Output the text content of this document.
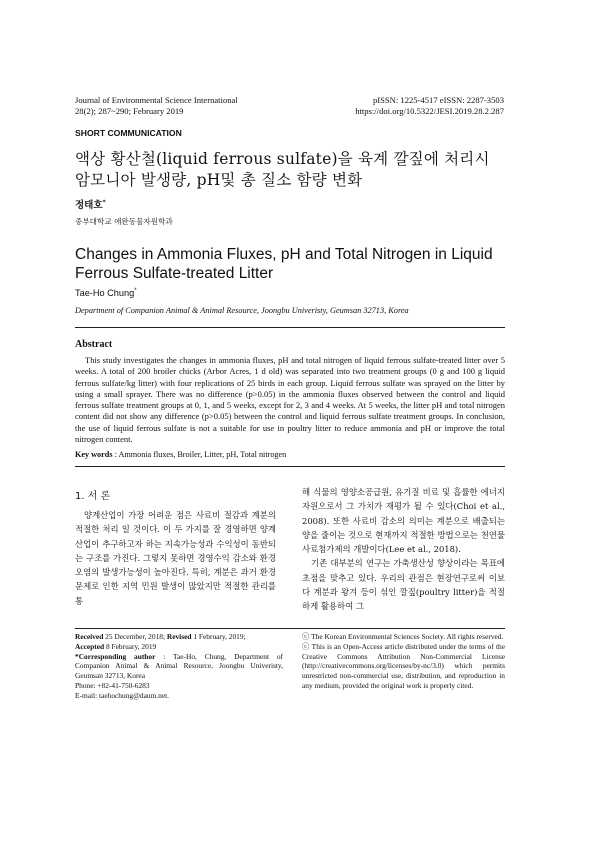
Journal of Environmental Science International
28(2); 287~290; February 2019
pISSN: 1225-4517 eISSN: 2287-3503
https://doi.org/10.5322/JESI.2019.28.2.287
SHORT COMMUNICATION
액상 황산철(liquid ferrous sulfate)을 육계 깔짚에 처리시
암모니아 발생량, pH및 총 질소 함량 변화
정태호*
중부대학교 애완동물자원학과
Changes in Ammonia Fluxes, pH and Total Nitrogen in Liquid
Ferrous Sulfate-treated Litter
Tae-Ho Chung*
Department of Companion Animal & Animal Resource, Joongbu Univeristy, Geumsan 32713, Korea
Abstract

This study investigates the changes in ammonia fluxes, pH and total nitrogen of liquid ferrous sulfate-treated litter over 5 weeks. A total of 200 broiler chicks (Arbor Acres, 1 d old) was separated into two treatment groups (0 g and 100 g liquid ferrous sulfate/kg litter) with four replications of 25 birds in each group. Liquid ferrous sulfate was sprayed on the litter by using a small sprayer. There was no difference (p>0.05) in the ammonia fluxes observed between the control and liquid ferrous sulfate treatment groups at 0, 1, and 5 weeks, except for 2, 3 and 4 weeks. At 5 weeks, the litter pH and total nitrogen content did not show any difference (p>0.05) between the control and liquid ferrous sulfate treatment groups. In conclusion, the use of liquid ferrous sulfate is not a suitable for use in poultry litter to reduce ammonia and pH or improve the total nitrogen content.

Key words : Ammonia fluxes, Broiler, Litter, pH, Total nitrogen
1. 서 론

양계산업이 가장 어려운 점은 사료비 절감과 계분의 적절한 처리 일 것이다. 이 두 가지를 잘 경영하면 양계산업이 추구하고자 하는 지속가능성과 수익성이 동반되는 구조를 가진다. 그렇지 못하면 경영수익 감소와 환경오염의 발생가능성이 높아진다. 특히, 계분은 과거 환경문제로 인한 지역 민원 발생이 많았지만 적절한 관리를 통

해 식물의 영양소공급원, 유기질 비료 및 흡률한 에너지 자원으로서 그 가치가 재평가 될 수 있다(Choi et al., 2008). 또한 사료비 감소의 의미는 계분으로 배출되는 양을 줄이는 것으로 현재까지 적절한 방법으로는 천연물 사료첨가제의 개발이다(Lee et al., 2018).

기존 대부분의 연구는 가축생산성 향상이라는 목표에 초점을 맞추고 있다. 우리의 관점은 현장연구로써 이보다 계분과 왕겨 등이 섞인 깔짚(poultry litter)을 적절하게 활용하여 그

Received 25 December, 2018; Revised 1 February, 2019;

Accepted 8 February, 2019

*Corresponding author : Tae-Ho, Chung, Department of Companion Animal & Animal Resource, Joongbu Univeristy, Geumsan 32713, Korea

Phone: +82-41-750-6283

E-mail: taehochung@daum.net.

ⓒ The Korean Environmental Sciences Society. All rights reserved.

ⓒ This is an Open-Access article distributed under the terms of the Creative Commons Attribution Non-Commercial License (http://creativecommons.org/licenses/by-nc/3.0) which permits unrestricted non-commercial use, distribution, and reproduction in any medium, provided the original work is properly cited.
